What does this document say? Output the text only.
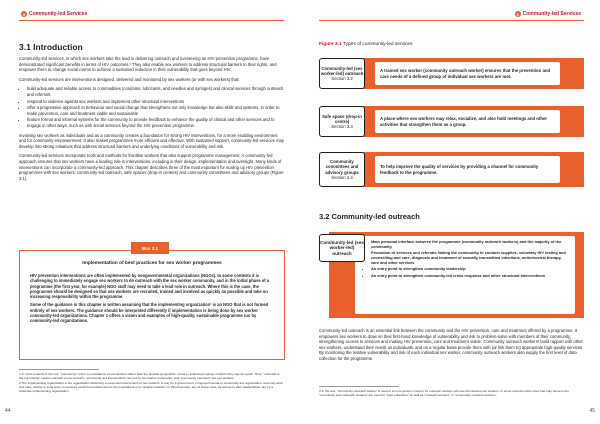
3 Community-led Services
3.1 Introduction

Community-led services, in which sex workers take the lead in delivering outreach and overseeing an HIV prevention programme, have demonstrated significant benefits in terms of HIV outcomes.¹ They also enable sex workers to address structural barriers to their rights, and empower them to change social norms to achieve a sustained reduction in their vulnerability that goes beyond HIV.

Community-led services are interventions designed, delivered and monitored by sex workers (or with sex workers) that:

• build adequate and reliable access to commodities (condoms, lubricants, and needles and syringes) and clinical services through outreach and referrals
• respond to violence against sex workers and implement other structural interventions
• offer a progressive approach to behaviour and social change that strengthens not only knowledge but also skills and systems, in order to make prevention, care and treatment viable and sustainable
• feature formal and informal systems for the community to provide feedback to enhance the quality of clinical and other services and to engage in other ways, such as with social services beyond the HIV prevention programme.

Involving sex workers as individuals and as a community creates a foundation for strong HIV interventions, for a more enabling environment and for community empowerment. It also makes programmes more efficient and effective. With sustained support, community-led services may develop into strong initiatives that address structural barriers and underlying conditions of vulnerability and risk.

Community-led services incorporate tools and methods for frontline workers that also support programme management. A community-led approach ensures that sex workers have a leading role in interventions, including in their design, implementation and oversight. Many kinds of interventions can incorporate a community-led approach. This chapter describes three of the most important for scaling up HIV prevention programmes with sex workers: community-led outreach, safe spaces (drop-in centres) and community committees and advisory groups (Figure 3.1).

Implementation of best practices for sex worker programmes

HIV prevention interventions are often implemented by nongovernmental organizations (NGOs). In some contexts it is challenging to immediately engage sex workers to do outreach with the sex worker community, and in the initial phase of a programme (the first year, for example) NGO staff may need to take a lead role in outreach. Where this is the case, the programme should be designed so that sex workers are recruited, trained and involved as quickly as possible and take on increasing responsibility within the programme.

Some of the guidance in this chapter is written assuming that the implementing organization² is an NGO that is not formed entirely of sex workers. The guidance should be interpreted differently if implementation is being done by sex worker community-led organizations. Chapter 1 offers a vision and examples of high-quality, sustainable programme run by community-led organizations.

Box 3.1

1 In most contexts in the text, "community" refers to populations of sex workers rather than the broader geographic, social or cultural groupings of which they may be a part. Thus, "outreach to the community" means outreach to sex workers, "community-led interventions" are led by sex worker community, and "community members" are sex workers.

2 The implementing organization is the organization delivering a prevention intervention to sex workers. It may be a government, nongovernmental or community-led organization, and may work at a state, district or local level, or services could be provided across the populations or in multiple locations. In this document, any of these roles, as well as to their relationships, are by a collective implementing organization.

44
3 Community-led Services
Figure 3.1 Types of community-led services
A trained sex worker (community outreach worker) ensures that the prevention and care needs of a defined group of individual sex workers are met.
Community-led (sex worker-led) outreach
Section 3.2
A place where sex workers may relax, socialize, and also hold meetings and other activities that strengthen them as a group.
Safe space (drop-in centre)
Section 3.3
To help improve the quality of services by providing a channel for community feedback to the programme.
Community committees and advisory groups
Section 3.4
3.2 Community-led outreach
• Main personal interface between the programme (community outreach workers) and the majority of the community
• Promotion of services and referrals linking the community to condom supplies, voluntary HIV testing and counselling and care, diagnosis and treatment of sexually transmitted infections, antiretroviral therapy, care and other services
• An entry point to strengthen community leadership
• An entry point to strengthen community-led crisis response and other structural interventions
Community-led (sex worker-led) outreach

Community-led outreach is an essential link between the community and the HIV prevention, care and treatment offered by a programme. It empowers sex workers to draw on their first-hand knowledge of vulnerability and risk to problem-solve with members of their community, strengthening access to services and making HIV prevention, care and treatment viable. Community outreach workers³ build rapport with other sex workers, understand their needs as individuals, and on a regular basis provide them with (or link them to) appropriate high-quality services. By monitoring the relative vulnerability and risk of each individual sex worker, community outreach workers also supply the first level of data collection for the programme.

3 In the text, "community outreach worker" is used in a more generic manner for outreach workers who are themselves sex workers. In some contexts other roles that may become the "community peer outreach workers" are used for "peer educators" as well as "outreach workers" or "community outreach workers".

45
